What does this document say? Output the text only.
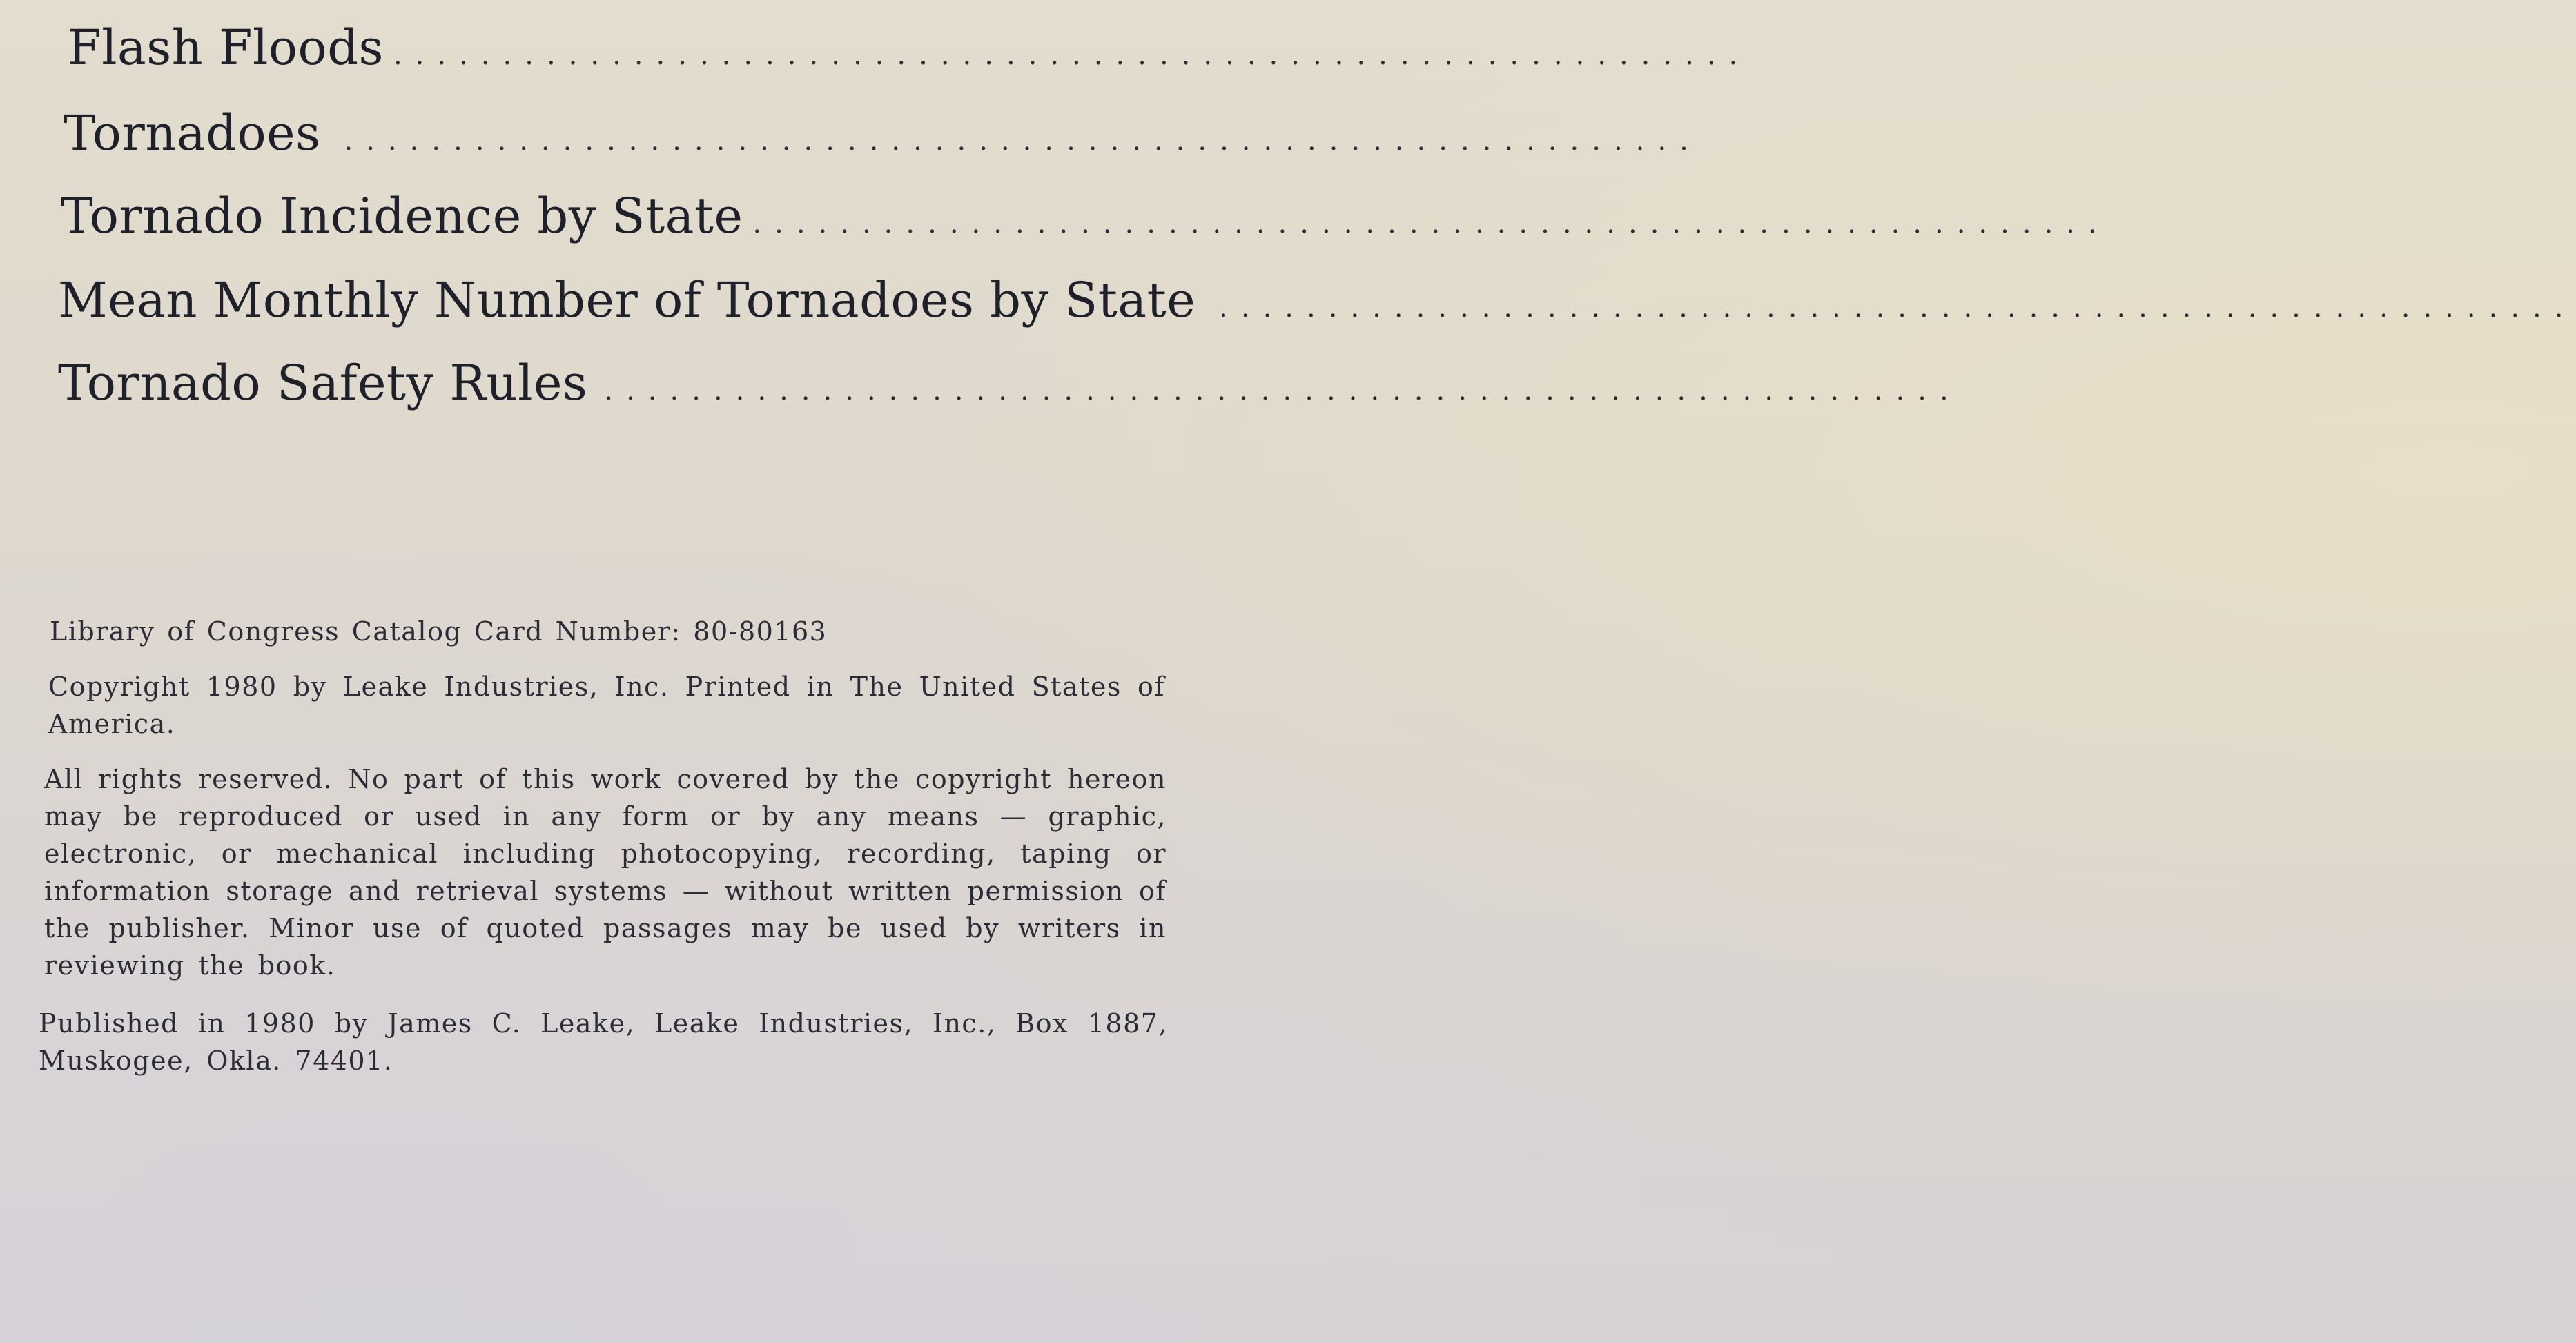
Flash Floods ..............................................................
Tornadoes ..............................................................
Tornado Incidence by State ..............................................................
Mean Monthly Number of Tornadoes by State ..............................................................
Tornado Safety Rules ..............................................................
Library of Congress Catalog Card Number: 80-80163
Copyright 1980 by Leake Industries, Inc. Printed in The United States of America.
All rights reserved. No part of this work covered by the copyright hereon may be reproduced or used in any form or by any means — graphic, electronic, or mechanical including photocopying, recording, taping or information storage and retrieval systems — without written permission of the publisher. Minor use of quoted passages may be used by writers in reviewing the book.
Published in 1980 by James C. Leake, Leake Industries, Inc., Box 1887, Muskogee, Okla. 74401.
